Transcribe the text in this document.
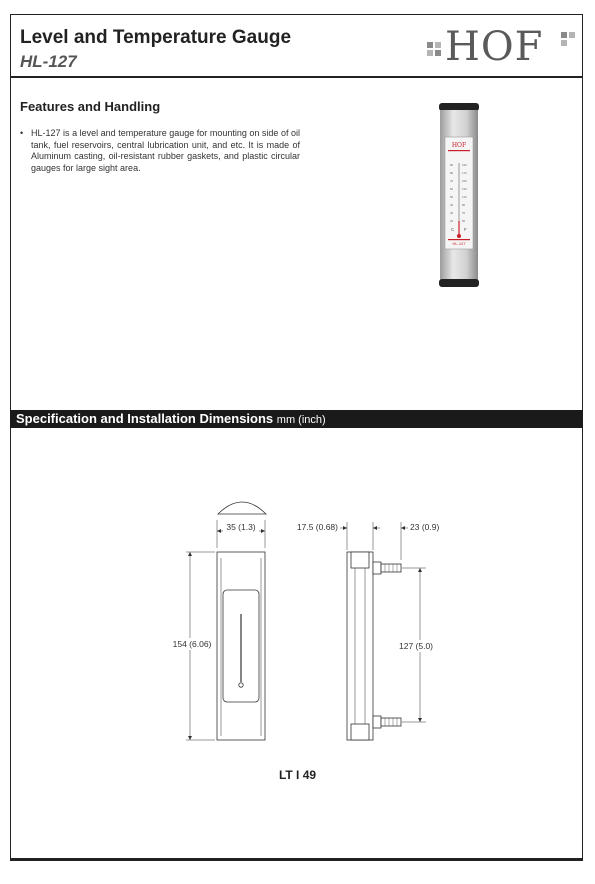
Level and Temperature Gauge
HL-127	HOF
Features and Handling
• HL-127 is a level and temperature gauge for mounting on side of oil tank, fuel reservoirs, central lubrication unit, and etc. It is made of Aluminum casting, oil-resistant rubber gaskets, and plastic circular gauges for large sight area.
HOF
90
80
70
60
50
40
30
20
190
170
150
130
110
90
70
50
C F
HL-127
Specification and Installation Dimensions mm (inch)
35 (1.3)
154 (6.06)
17.5 (0.68)	23 (0.9)
127 (5.0)
LT I 49
